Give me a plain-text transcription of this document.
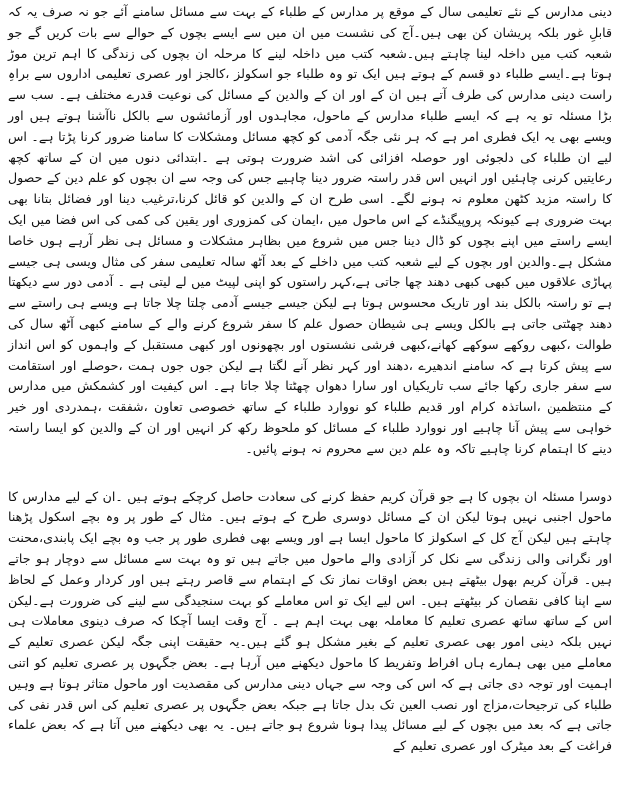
دینی مدارس کے نئے تعلیمی سال کے موقع پر مدارس کے طلباء کے بہت سے مسائل سامنے آئے جو نہ صرف یہ کہ قابلِ غور بلکہ پریشان کن بھی ہیں۔آج کی نشست میں ان میں سے ایسے بچوں کے حوالے سے بات کریں گے جو شعبہ کتب میں داخلہ لینا چاہتے ہیں۔شعبہ کتب میں داخلہ لینے کا مرحلہ ان بچوں کی زندگی کا اہم ترین موڑ ہوتا ہے۔ایسے طلباء دو قسم کے ہوتے ہیں ایک تو وہ طلباء جو اسکولز ،کالجز اور عصری تعلیمی اداروں سے براہِ راست دینی مدارس کی طرف آتے ہیں ان کے اور ان کے والدین کے مسائل کی نوعیت قدرے مختلف ہے۔ سب سے بڑا مسئلہ تو یہ ہے کہ ایسے طلباء مدارس کے ماحول، مجاہدوں اور آزمائشوں سے بالکل ناآشنا ہوتے ہیں اور ویسے بھی یہ ایک فطری امر ہے کہ ہر نئی جگہ آدمی کو کچھ مسائل ومشکلات کا سامنا ضرور کرنا پڑتا ہے۔ اس لیے ان طلباء کی دلجوئی اور حوصلہ افزائی کی اشد ضرورت ہوتی ہے ۔ابتدائی دنوں میں ان کے ساتھ کچھ رعایتیں کرنی چاہئیں اور انہیں اس قدر راستہ ضرور دینا چاہیے جس کی وجہ سے ان بچوں کو علم دین کے حصول کا راستہ مزید کٹھن معلوم نہ ہونے لگے۔ اسی طرح ان کے والدین کو قائل کرنا،ترغیب دینا اور فضائل بتانا بھی بہت ضروری ہے کیونکہ پروپیگنڈے کے اس ماحول میں ،ایمان کی کمزوری اور یقین کی کمی کی اس فضا میں ایک ایسے راستے میں اپنے بچوں کو ڈال دینا جس میں شروع میں بظاہر مشکلات و مسائل ہی نظر آرہے ہوں خاصا مشکل ہے۔والدین اور بچوں کے لیے شعبہ کتب میں داخلے کے بعد آٹھ سالہ تعلیمی سفر کی مثال ویسی ہی جیسے پہاڑی علاقوں میں کبھی کبھی دھند چھا جاتی ہے،کہر راستوں کو اپنی لپیٹ میں لے لیتی ہے ۔ آدمی دور سے دیکھتا ہے تو راستہ بالکل بند اور تاریک محسوس ہوتا ہے لیکن جیسے جیسے آدمی چلتا چلا جاتا ہے ویسے ہی راستے سے دھند چھٹتی جاتی ہے بالکل ویسے ہی شیطان حصول علم کا سفر شروع کرنے والے کے سامنے کبھی آٹھ سال کی طوالت ،کبھی روکھے سوکھے کھانے،کبھی فرشی نشستوں اور بچھونوں اور کبھی مستقبل کے واہموں کو اس انداز سے پیش کرتا ہے کہ سامنے اندھیرے ،دھند اور کہر نظر آنے لگتا ہے لیکن جوں جوں ہمت ،حوصلے اور استقامت سے سفر جاری رکھا جائے سب تاریکیاں اور سارا دھواں چھٹتا چلا جاتا ہے۔ اس کیفیت اور کشمکش میں مدارس کے منتظمین ،اساتذہ کرام اور قدیم طلباء کو نووارد طلباء کے ساتھ خصوصی تعاون ،شفقت ،ہمدردی اور خیر خواہی سے پیش آنا چاہیے اور نووارد طلباء کے مسائل کو ملحوظ رکھ کر انہیں اور ان کے والدین کو ایسا راستہ دینے کا اہتمام کرنا چاہیے تاکہ وہ علم دین سے محروم نہ ہونے پائیں۔

دوسرا مسئلہ ان بچوں کا ہے جو قرآن کریم حفظ کرنے کی سعادت حاصل کرچکے ہوتے ہیں ۔ان کے لیے مدارس کا ماحول اجنبی نہیں ہوتا لیکن ان کے مسائل دوسری طرح کے ہوتے ہیں۔ مثال کے طور پر وہ بچے اسکول پڑھنا چاہتے ہیں لیکن آج کل کے اسکولز کا ماحول ایسا ہے اور ویسے بھی فطری طور پر جب وہ بچے ایک پابندی،محنت اور نگرانی والی زندگی سے نکل کر آزادی والے ماحول میں جاتے ہیں تو وہ بہت سے مسائل سے دوچار ہو جاتے ہیں۔ قرآن کریم بھول بیٹھتے ہیں بعض اوقات نماز تک کے اہتمام سے قاصر رہتے ہیں اور کردار وعمل کے لحاظ سے اپنا کافی نقصان کر بیٹھتے ہیں۔ اس لیے ایک تو اس معاملے کو بہت سنجیدگی سے لینے کی ضرورت ہے۔لیکن اس کے ساتھ ساتھ عصری تعلیم کا معاملہ بھی بہت اہم ہے ۔ آج وقت ایسا آچکا کہ صرف دینوی معاملات ہی نہیں بلکہ دینی امور بھی عصری تعلیم کے بغیر مشکل ہو گئے ہیں۔یہ حقیقت اپنی جگہ لیکن عصری تعلیم کے معاملے میں بھی ہمارے ہاں افراط وتفریط کا ماحول دیکھنے میں آرہا ہے۔ بعض جگہوں پر عصری تعلیم کو اتنی اہمیت اور توجہ دی جاتی ہے کہ اس کی وجہ سے جہاں دینی مدارس کی مقصدیت اور ماحول متاثر ہوتا ہے وہیں طلباء کی ترجیحات،مزاج اور نصب العین تک بدل جاتا ہے جبکہ بعض جگہوں پر عصری تعلیم کی اس قدر نفی کی جاتی ہے کہ بعد میں بچوں کے لیے مسائل پیدا ہونا شروع ہو جاتے ہیں۔ یہ بھی دیکھنے میں آتا ہے کہ بعض علماء فراغت کے بعد میٹرک اور عصری تعلیم کے
